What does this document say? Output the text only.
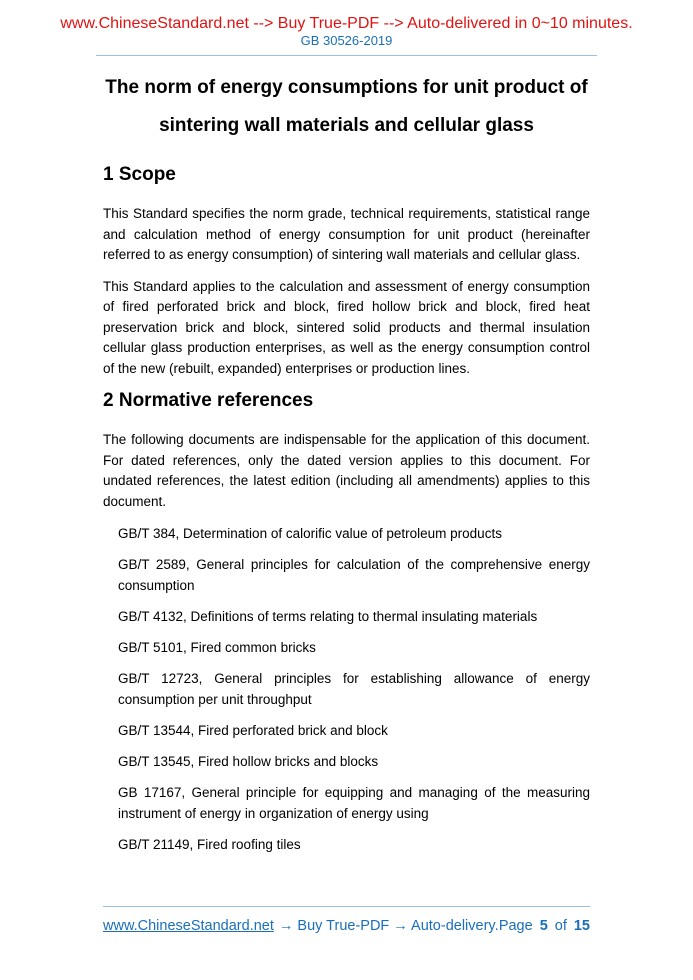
www.ChineseStandard.net --> Buy True-PDF --> Auto-delivered in 0~10 minutes.
GB 30526-2019
The norm of energy consumptions for unit product of
sintering wall materials and cellular glass
1 Scope

This Standard specifies the norm grade, technical requirements, statistical range and calculation method of energy consumption for unit product (hereinafter referred to as energy consumption) of sintering wall materials and cellular glass.

This Standard applies to the calculation and assessment of energy consumption of fired perforated brick and block, fired hollow brick and block, fired heat preservation brick and block, sintered solid products and thermal insulation cellular glass production enterprises, as well as the energy consumption control of the new (rebuilt, expanded) enterprises or production lines.

2 Normative references

The following documents are indispensable for the application of this document. For dated references, only the dated version applies to this document. For undated references, the latest edition (including all amendments) applies to this document.

GB/T 384, Determination of calorific value of petroleum products

GB/T 2589, General principles for calculation of the comprehensive energy consumption

GB/T 4132, Definitions of terms relating to thermal insulating materials

GB/T 5101, Fired common bricks

GB/T 12723, General principles for establishing allowance of energy consumption per unit throughput

GB/T 13544, Fired perforated brick and block

GB/T 13545, Fired hollow bricks and blocks

GB 17167, General principle for equipping and managing of the measuring instrument of energy in organization of energy using

GB/T 21149, Fired roofing tiles

www.ChineseStandard.net → Buy True-PDF → Auto-delivery. Page 5 of 15
